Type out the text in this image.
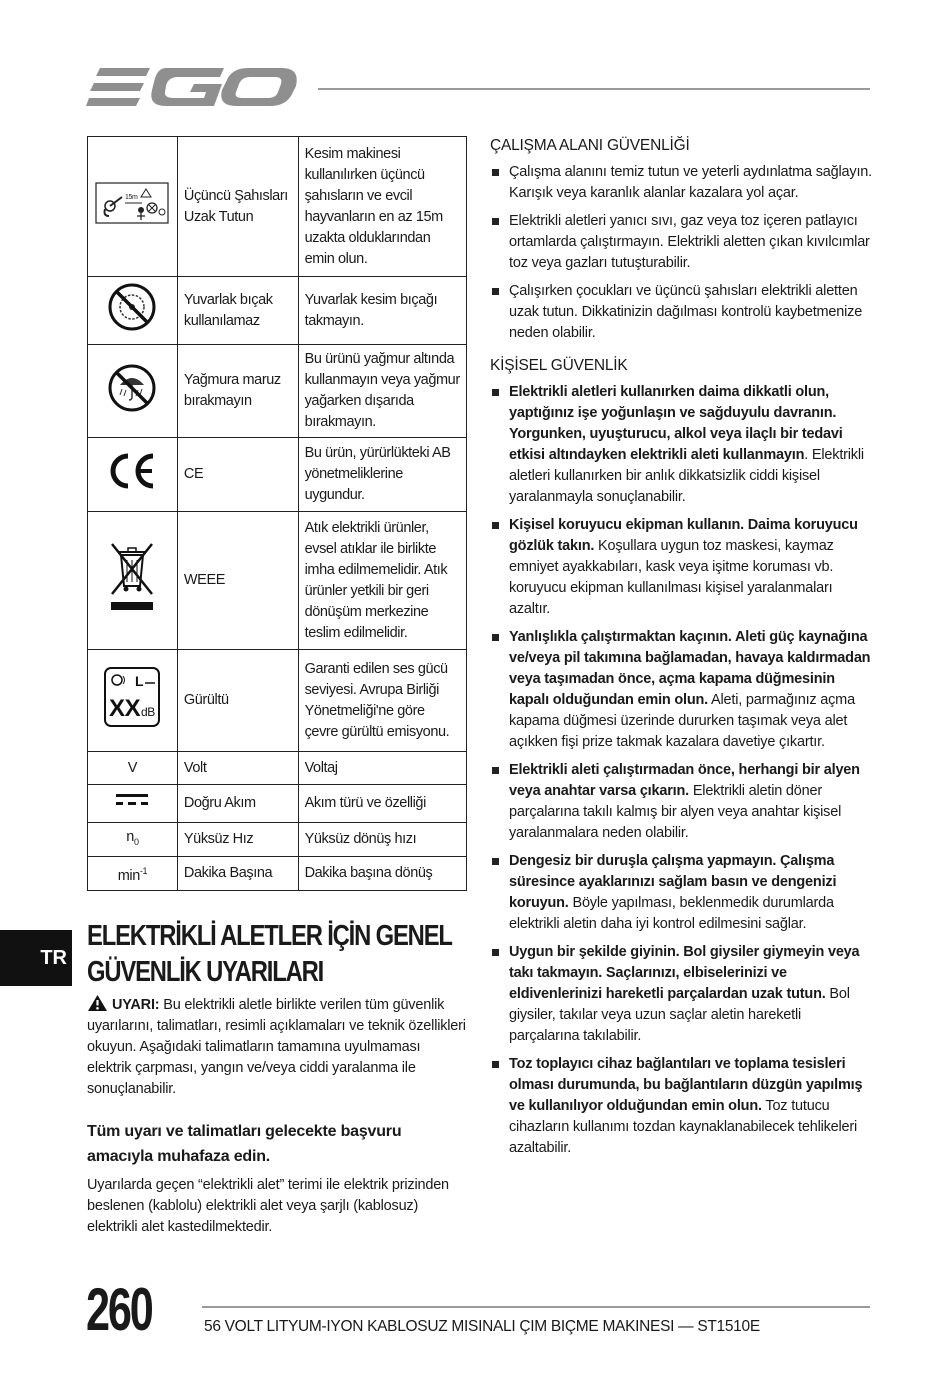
15m	Üçüncü Şahısları Uzak Tutun	Kesim makinesi kullanılırken üçüncü şahısların ve evcil hayvanların en az 15m uzakta olduklarından emin olun.
	Yuvarlak bıçak kullanılamaz	Yuvarlak kesim bıçağı takmayın.
	Yağmura maruz bırakmayın	Bu ürünü yağmur altında kullanmayın veya yağmur yağarken dışarıda bırakmayın.
	CE	Bu ürün, yürürlükteki AB yönetmeliklerine uygundur.
	WEEE	Atık elektrikli ürünler, evsel atıklar ile birlikte imha edilmemelidir. Atık ürünler yetkili bir geri dönüşüm merkezine teslim edilmelidir.

L
XX dB	Gürültü	Garanti edilen ses gücü seviyesi. Avrupa Birliği Yönetmeliği'ne göre çevre gürültü emisyonu.
V	Volt	Voltaj
	Doğru Akım	Akım türü ve özelliği
$n_0$	Yüksüz Hız	Yüksüz dönüş hızı
$\min^{-1}$	Dakika Başına	Dakika başına dönüş
TR
ELEKTRİKLİ ALETLER İÇİN GENEL GÜVENLİK UYARILARI

UYARI: Bu elektrikli aletle birlikte verilen tüm güvenlik uyarılarını, talimatları, resimli açıklamaları ve teknik özellikleri okuyun. Aşağıdaki talimatların tamamına uyulmaması elektrik çarpması, yangın ve/veya ciddi yaralanma ile sonuçlanabilir.

Tüm uyarı ve talimatları gelecekte başvuru amacıyla muhafaza edin.

Uyarılarda geçen “elektrikli alet” terimi ile elektrik prizinden beslenen (kablolu) elektrikli alet veya şarjlı (kablosuz) elektrikli alet kastedilmektedir.

ÇALIŞMA ALANI GÜVENLİĞİ
Çalışma alanını temiz tutun ve yeterli aydınlatma sağlayın. Karışık veya karanlık alanlar kazalara yol açar.
Elektrikli aletleri yanıcı sıvı, gaz veya toz içeren patlayıcı ortamlarda çalıştırmayın. Elektrikli aletten çıkan kıvılcımlar toz veya gazları tutuşturabilir.
Çalışırken çocukları ve üçüncü şahısları elektrikli aletten uzak tutun. Dikkatinizin dağılması kontrolü kaybetmenize neden olabilir.
KİŞİSEL GÜVENLİK
Elektrikli aletleri kullanırken daima dikkatli olun, yaptığınız işe yoğunlaşın ve sağduyulu davranın. Yorgunken, uyuşturucu, alkol veya ilaçlı bir tedavi etkisi altındayken elektrikli aleti kullanmayın. Elektrikli aletleri kullanırken bir anlık dikkatsizlik ciddi kişisel yaralanmayla sonuçlanabilir.
Kişisel koruyucu ekipman kullanın. Daima koruyucu gözlük takın. Koşullara uygun toz maskesi, kaymaz emniyet ayakkabıları, kask veya işitme koruması vb. koruyucu ekipman kullanılması kişisel yaralanmaları azaltır.
Yanlışlıkla çalıştırmaktan kaçının. Aleti güç kaynağına ve/veya pil takımına bağlamadan, havaya kaldırmadan veya taşımadan önce, açma kapama düğmesinin kapalı olduğundan emin olun. Aleti, parmağınız açma kapama düğmesi üzerinde dururken taşımak veya alet açıkken fişi prize takmak kazalara davetiye çıkartır.
Elektrikli aleti çalıştırmadan önce, herhangi bir alyen veya anahtar varsa çıkarın. Elektrikli aletin döner parçalarına takılı kalmış bir alyen veya anahtar kişisel yaralanmalara neden olabilir.
Dengesiz bir duruşla çalışma yapmayın. Çalışma süresince ayaklarınızı sağlam basın ve dengenizi koruyun. Böyle yapılması, beklenmedik durumlarda elektrikli aletin daha iyi kontrol edilmesini sağlar.
Uygun bir şekilde giyinin. Bol giysiler giymeyin veya takı takmayın. Saçlarınızı, elbiselerinizi ve eldivenlerinizi hareketli parçalardan uzak tutun. Bol giysiler, takılar veya uzun saçlar aletin hareketli parçalarına takılabilir.
Toz toplayıcı cihaz bağlantıları ve toplama tesisleri olması durumunda, bu bağlantıların düzgün yapılmış ve kullanılıyor olduğundan emin olun. Toz tutucu cihazların kullanımı tozdan kaynaklanabilecek tehlikeleri azaltabilir.
260	56 VOLT LITYUM-IYON KABLOSUZ MISINALI ÇIM BIÇME MAKINESI — ST1510E
